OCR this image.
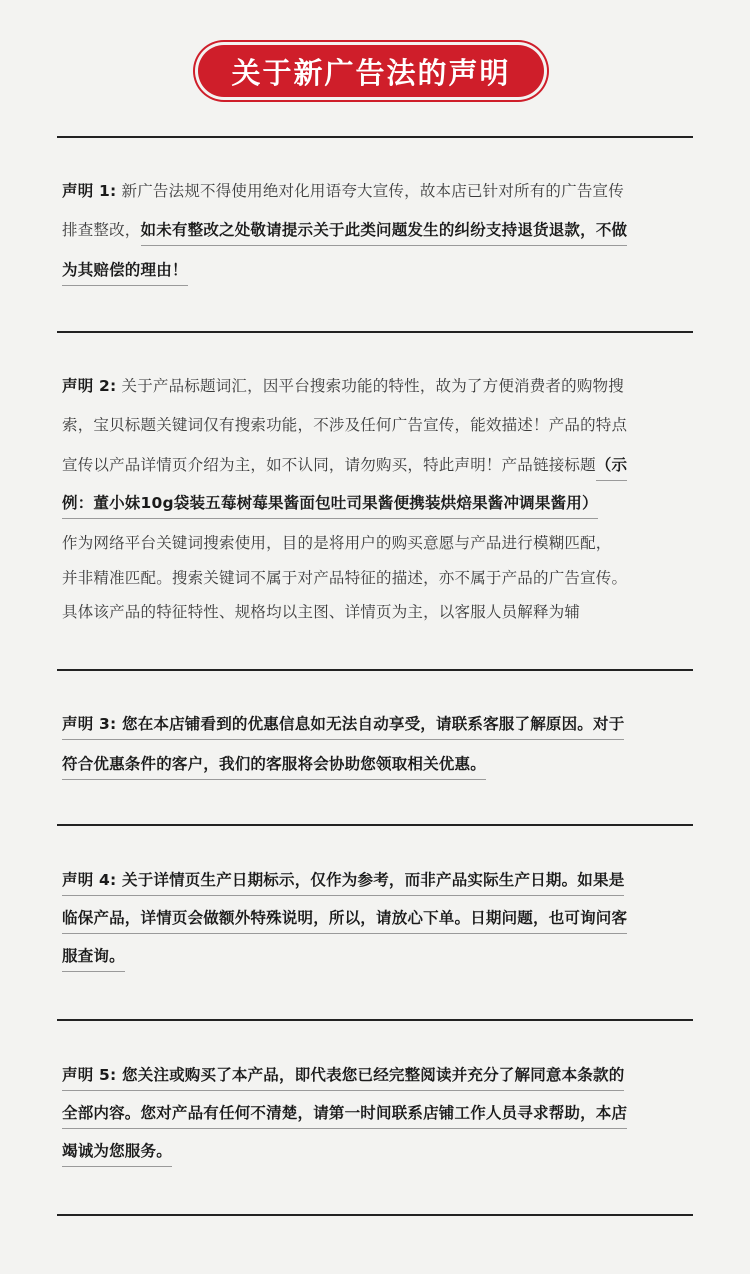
关于新广告法的声明
声明 1: 新广告法规不得使用绝对化用语夸大宣传，故本店已针对所有的广告宣传
排查整改，如未有整改之处敬请提示关于此类问题发生的纠纷支持退货退款，不做
为其赔偿的理由！
声明 2: 关于产品标题词汇，因平台搜索功能的特性，故为了方便消费者的购物搜
索，宝贝标题关键词仅有搜索功能，不涉及任何广告宣传，能效描述！产品的特点
宣传以产品详情页介绍为主，如不认同，请勿购买，特此声明！产品链接标题（示
例：董小妹10g袋装五莓树莓果酱面包吐司果酱便携装烘焙果酱冲调果酱用）
作为网络平台关键词搜索使用，目的是将用户的购买意愿与产品进行模糊匹配，
并非精准匹配。搜索关键词不属于对产品特征的描述，亦不属于产品的广告宣传。
具体该产品的特征特性、规格均以主图、详情页为主，以客服人员解释为辅
声明 3: 您在本店铺看到的优惠信息如无法自动享受，请联系客服了解原因。对于
符合优惠条件的客户，我们的客服将会协助您领取相关优惠。
声明 4: 关于详情页生产日期标示，仅作为参考，而非产品实际生产日期。如果是
临保产品，详情页会做额外特殊说明，所以，请放心下单。日期问题，也可询问客
服查询。
声明 5: 您关注或购买了本产品，即代表您已经完整阅读并充分了解同意本条款的
全部内容。您对产品有任何不清楚，请第一时间联系店铺工作人员寻求帮助，本店
竭诚为您服务。
